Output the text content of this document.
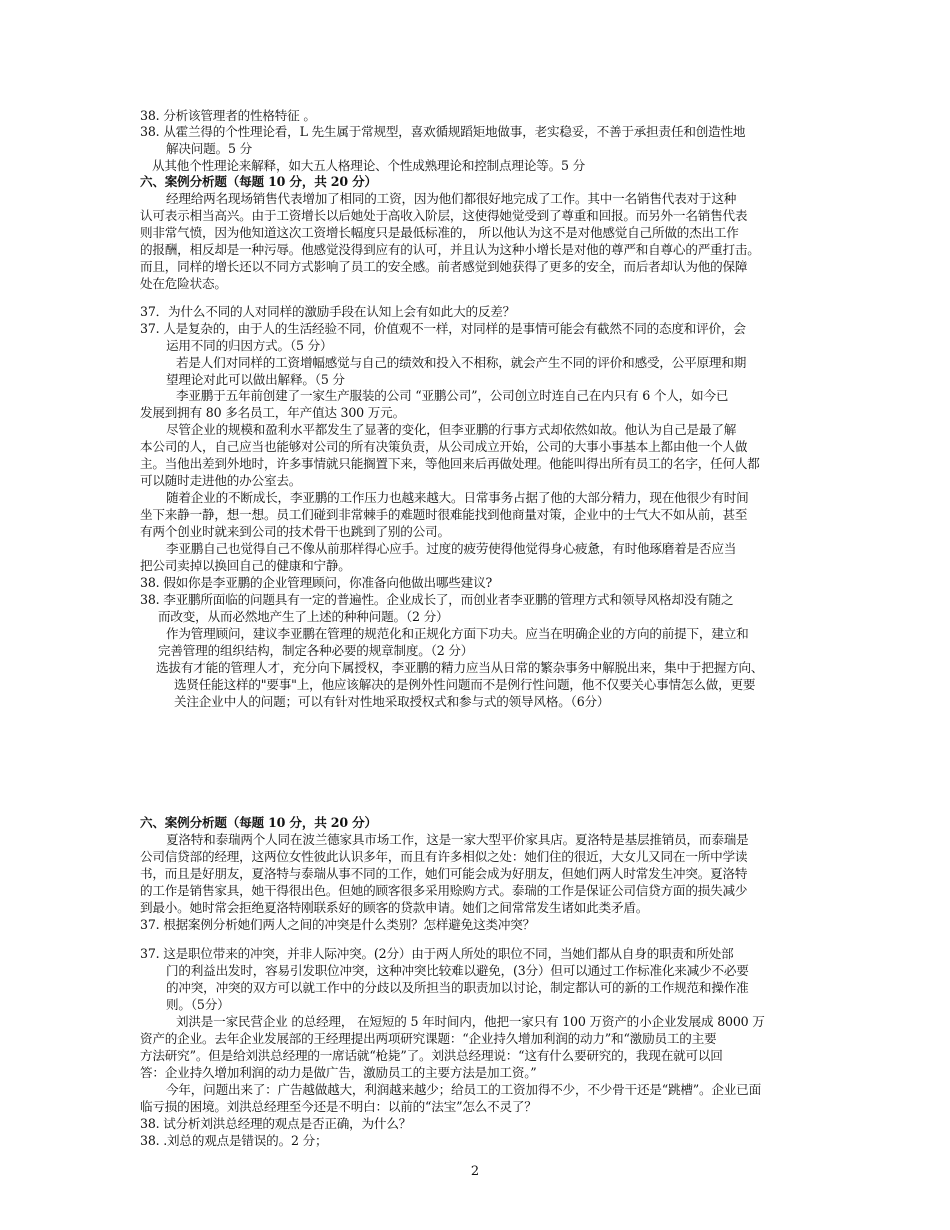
38. 分析该管理者的性格特征 。
38. 从霍兰得的个性理论看，L 先生属于常规型，喜欢循规蹈矩地做事，老实稳妥，不善于承担责任和创造性地
解决问题。5 分
从其他个性理论来解释，如大五人格理论、个性成熟理论和控制点理论等。5 分
六、案例分析题（每题 10 分，共 20 分）
经理给两名现场销售代表增加了相同的工资，因为他们都很好地完成了工作。其中一名销售代表对于这种
认可表示相当高兴。由于工资增长以后她处于高收入阶层，这使得她觉受到了尊重和回报。而另外一名销售代表
则非常气愤，因为他知道这次工资增长幅度只是最低标准的， 所以他认为这不是对他感觉自己所做的杰出工作
的报酬，相反却是一种污辱。他感觉没得到应有的认可，并且认为这种小增长是对他的尊严和自尊心的严重打击。
而且，同样的增长还以不同方式影响了员工的安全感。前者感觉到她获得了更多的安全，而后者却认为他的保障
处在危险状态。
37．为什么不同的人对同样的激励手段在认知上会有如此大的反差？
37. 人是复杂的，由于人的生活经验不同，价值观不一样，对同样的是事情可能会有截然不同的态度和评价，会
运用不同的归因方式。（5 分）
若是人们对同样的工资增幅感觉与自己的绩效和投入不相称，就会产生不同的评价和感受，公平原理和期
望理论对此可以做出解释。（5 分
李亚鹏于五年前创建了一家生产服装的公司 “亚鹏公司”，公司创立时连自己在内只有 6 个人，如今已
发展到拥有 80 多名员工，年产值达 300 万元。
尽管企业的规模和盈利水平都发生了显著的变化，但李亚鹏的行事方式却依然如故。他认为自己是最了解
本公司的人，自己应当也能够对公司的所有决策负责，从公司成立开始，公司的大事小事基本上都由他一个人做
主。当他出差到外地时，许多事情就只能搁置下来，等他回来后再做处理。他能叫得出所有员工的名字，任何人都
可以随时走进他的办公室去。
随着企业的不断成长，李亚鹏的工作压力也越来越大。日常事务占据了他的大部分精力，现在他很少有时间
坐下来静一静，想一想。员工们碰到非常棘手的难题时很难能找到他商量对策，企业中的士气大不如从前，甚至
有两个创业时就来到公司的技术骨干也跳到了别的公司。
李亚鹏自己也觉得自己不像从前那样得心应手。过度的疲劳使得他觉得身心疲惫，有时他琢磨着是否应当
把公司卖掉以换回自己的健康和宁静。
38. 假如你是李亚鹏的企业管理顾问，你准备向他做出哪些建议?
38. 李亚鹏所面临的问题具有一定的普遍性。企业成长了，而创业者李亚鹏的管理方式和领导风格却没有随之
而改变，从而必然地产生了上述的种种问题。（2 分）
作为管理顾问，建议李亚鹏在管理的规范化和正规化方面下功夫。应当在明确企业的方向的前提下，建立和
完善管理的组织结构，制定各种必要的规章制度。（2 分）
选拔有才能的管理人才，充分向下属授权，李亚鹏的精力应当从日常的繁杂事务中解脱出来，集中于把握方向、
选贤任能这样的"要事"上，他应该解决的是例外性问题而不是例行性问题，他不仅要关心事情怎么做，更要
关注企业中人的问题；可以有针对性地采取授权式和参与式的领导风格。（6分）
六、案例分析题（每题 10 分，共 20 分）
夏洛特和泰瑞两个人同在波兰德家具市场工作，这是一家大型平价家具店。夏洛特是基层推销员，而泰瑞是
公司信贷部的经理，这两位女性彼此认识多年，而且有许多相似之处：她们住的很近，大女儿又同在一所中学读
书，而且是好朋友，夏洛特与泰瑞从事不同的工作，她们可能会成为好朋友，但她们两人时常发生冲突。夏洛特
的工作是销售家具，她干得很出色。但她的顾客很多采用赊购方式。泰瑞的工作是保证公司信贷方面的损失减少
到最小。她时常会拒绝夏洛特刚联系好的顾客的贷款申请。她们之间常常发生诸如此类矛盾。
37. 根据案例分析她们两人之间的冲突是什么类别？怎样避免这类冲突？
37. 这是职位带来的冲突，并非人际冲突。(2分）由于两人所处的职位不同，当她们都从自身的职责和所处部
门的利益出发时，容易引发职位冲突，这种冲突比较难以避免，(3分）但可以通过工作标准化来减少不必要
的冲突，冲突的双方可以就工作中的分歧以及所担当的职责加以讨论，制定都认可的新的工作规范和操作准
则。（5分）
刘洪是一家民营企业 的总经理， 在短短的 5 年时间内，他把一家只有 100 万资产的小企业发展成 8000 万
资产的企业。去年企业发展部的王经理提出两项研究课题：“企业持久增加利润的动力”和“激励员工的主要
方法研究”。但是给刘洪总经理的一席话就“枪毙”了。刘洪总经理说：“这有什么要研究的，我现在就可以回
答：企业持久增加利润的动力是做广告，激励员工的主要方法是加工资。”
今年，问题出来了：广告越做越大，利润越来越少；给员工的工资加得不少，不少骨干还是“跳槽”。企业已面
临亏损的困境。刘洪总经理至今还是不明白：以前的“法宝”怎么不灵了？
38. 试分析刘洪总经理的观点是否正确，为什么？
38. .刘总的观点是错误的。2 分；
2
